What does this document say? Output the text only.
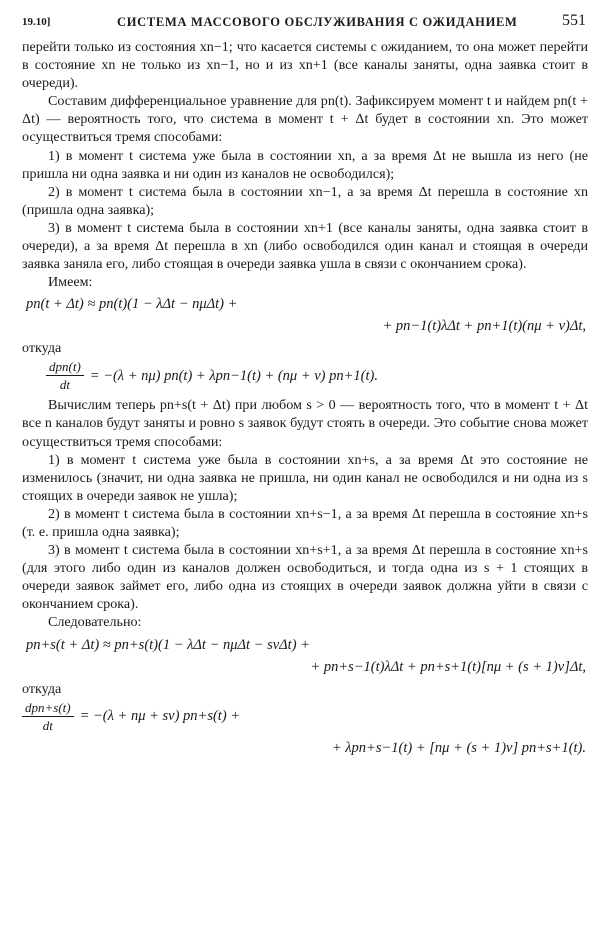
19.10]	СИСТЕМА МАССОВОГО ОБСЛУЖИВАНИЯ С ОЖИДАНИЕМ	551

перейти только из состояния xn−1; что касается системы с ожиданием, то она может перейти в состояние xn не только из xn−1, но и из xn+1 (все каналы заняты, одна заявка стоит в очереди).

Составим дифференциальное уравнение для pn(t). Зафиксируем момент t и найдем pn(t + Δt) — вероятность того, что система в момент t + Δt будет в состоянии xn. Это может осуществиться тремя способами:

1) в момент t система уже была в состоянии xn, а за время Δt не вышла из него (не пришла ни одна заявка и ни один из каналов не освободился);

2) в момент t система была в состоянии xn−1, а за время Δt перешла в состояние xn (пришла одна заявка);

3) в момент t система была в состоянии xn+1 (все каналы заняты, одна заявка стоит в очереди), а за время Δt перешла в xn (либо освободился один канал и стоящая в очереди заявка заняла его, либо стоящая в очереди заявка ушла в связи с окончанием срока).

Имеем:

pn(t + Δt) ≈ pn(t)(1 − λΔt − nμΔt) +
+ pn−1(t)λΔt + pn+1(t)(nμ + ν)Δt,
откуда
$\frac{\text{dpn(t)}}{dt} = -(\lambda + n\mu) pn(t) + \lambda pn-1(t) + (n\mu + \nu)$ pn+1(t).

Вычислим теперь pn+s(t + Δt) при любом s > 0 — вероятность того, что в момент t + Δt все n каналов будут заняты и ровно s заявок будут стоять в очереди. Это событие снова может осуществиться тремя способами:

1) в момент t система уже была в состоянии xn+s, а за время Δt это состояние не изменилось (значит, ни одна заявка не пришла, ни один канал не освободился и ни одна из s стоящих в очереди заявок не ушла);

2) в момент t система была в состоянии xn+s−1, а за время Δt перешла в состояние xn+s (т. е. пришла одна заявка);

3) в момент t система была в состоянии xn+s+1, а за время Δt перешла в состояние xn+s (для этого либо один из каналов должен освободиться, и тогда одна из s + 1 стоящих в очереди заявок займет его, либо одна из стоящих в очереди заявок должна уйти в связи с окончанием срока).

Следовательно:

pn+s(t + Δt) ≈ pn+s(t)(1 − λΔt − nμΔt − sνΔt) +
+ pn+s−1(t)λΔt + pn+s+1(t)[nμ + (s + 1)ν]Δt,
откуда
$\frac{\text{dpn+s(t)}}{dt} = -(\lambda + n\mu + s\nu) pn+s(t)$ +
+ λpn+s−1(t) + [nμ + (s + 1)ν] pn+s+1(t).
